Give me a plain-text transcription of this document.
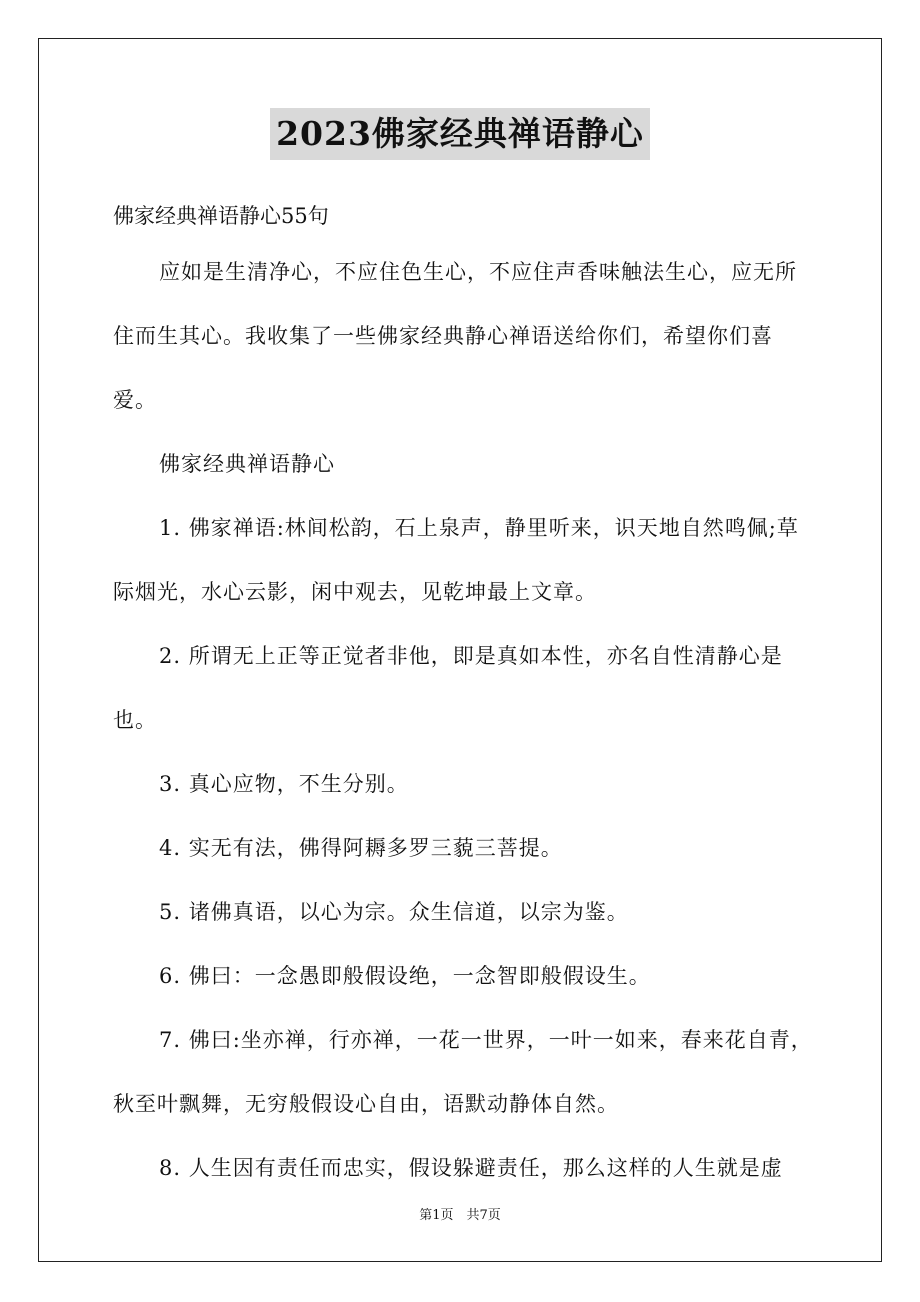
2023佛家经典禅语静心
佛家经典禅语静心55句

应如是生清净心，不应住色生心，不应住声香味触法生心，应无所住而生其心。我收集了一些佛家经典静心禅语送给你们，希望你们喜爱。

佛家经典禅语静心

1. 佛家禅语:林间松韵，石上泉声，静里听来，识天地自然鸣佩;草际烟光，水心云影，闲中观去，见乾坤最上文章。

2. 所谓无上正等正觉者非他，即是真如本性，亦名自性清静心是也。

3. 真心应物，不生分别。

4. 实无有法，佛得阿耨多罗三藐三菩提。

5. 诸佛真语，以心为宗。众生信道，以宗为鉴。

6. 佛曰：一念愚即般假设绝，一念智即般假设生。

7. 佛曰:坐亦禅，行亦禅，一花一世界，一叶一如来，春来花自青，秋至叶飘舞，无穷般假设心自由，语默动静体自然。

8. 人生因有责任而忠实，假设躲避责任，那么这样的人生就是虚

第1页　共7页
